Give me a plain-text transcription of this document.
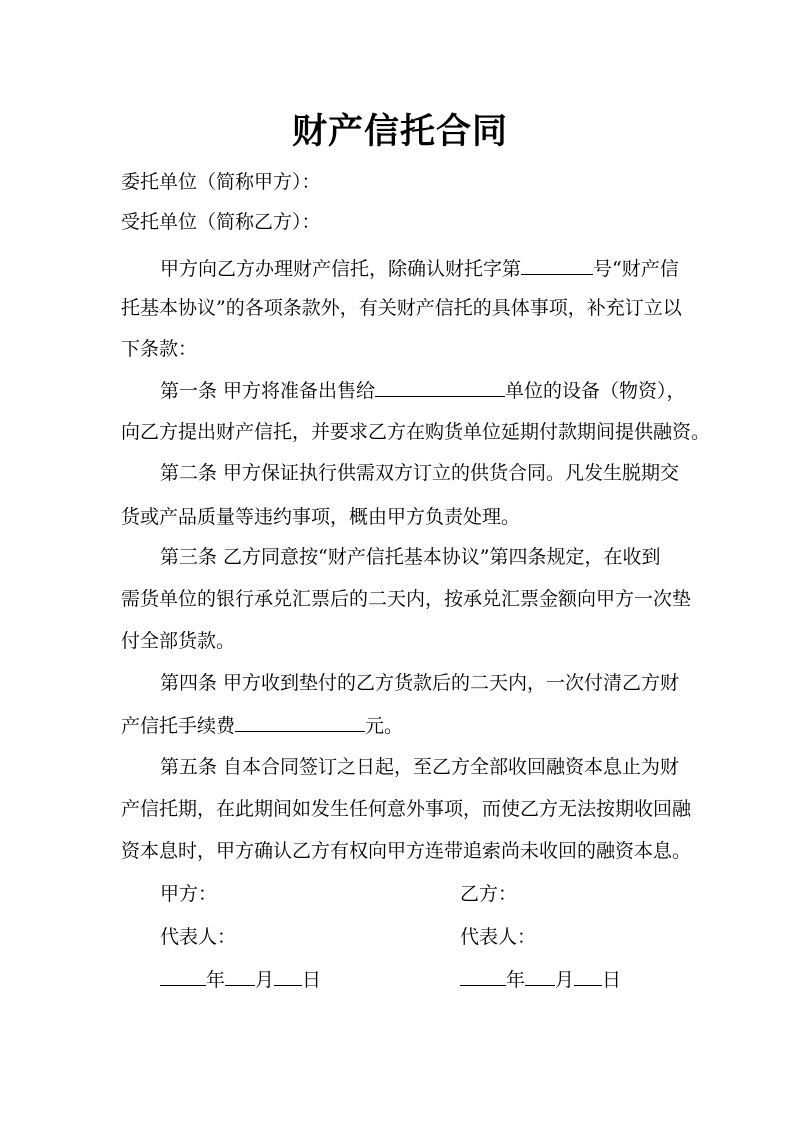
财产信托合同
委托单位（简称甲方）：
受托单位（简称乙方）：
甲方向乙方办理财产信托，除确认财托字第	号“财产信
托基本协议”的各项条款外，有关财产信托的具体事项，补充订立以
下条款：
第一条 甲方将准备出售给	单位的设备（物资），
向乙方提出财产信托，并要求乙方在购货单位延期付款期间提供融资。
第二条 甲方保证执行供需双方订立的供货合同。凡发生脱期交
货或产品质量等违约事项，概由甲方负责处理。
第三条 乙方同意按“财产信托基本协议”第四条规定，在收到
需货单位的银行承兑汇票后的二天内，按承兑汇票金额向甲方一次垫
付全部货款。
第四条 甲方收到垫付的乙方货款后的二天内，一次付清乙方财
产信托手续费	元。
第五条 自本合同签订之日起，至乙方全部收回融资本息止为财
产信托期，在此期间如发生任何意外事项，而使乙方无法按期收回融
资本息时，甲方确认乙方有权向甲方连带追索尚未收回的融资本息。
甲方：	乙方：
代表人：	代表人：
年 月 日	年 月 日
